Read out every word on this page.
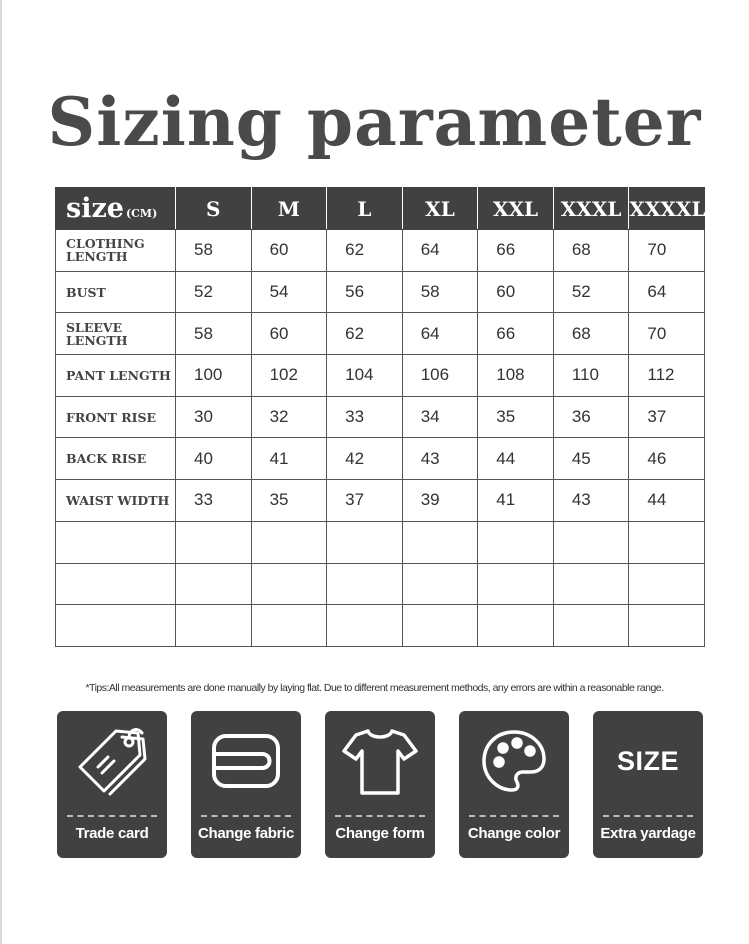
Sizing parameter
size (CM)	S	M	L	XL	XXL	XXXL	XXXXL
CLOTHING LENGTH	58	60	62	64	66	68	70
BUST	52	54	56	58	60	52	64
SLEEVE LENGTH	58	60	62	64	66	68	70
PANT LENGTH	100	102	104	106	108	110	112
FRONT RISE	30	32	33	34	35	36	37
BACK RISE	40	41	42	43	44	45	46
WAIST WIDTH	33	35	37	39	41	43	44

*Tips:All measurements are done manually by laying flat. Due to different measurement methods, any errors are within a reasonable range.
Trade card	Change fabric	Change form	Change color
SIZE
Extra yardage
